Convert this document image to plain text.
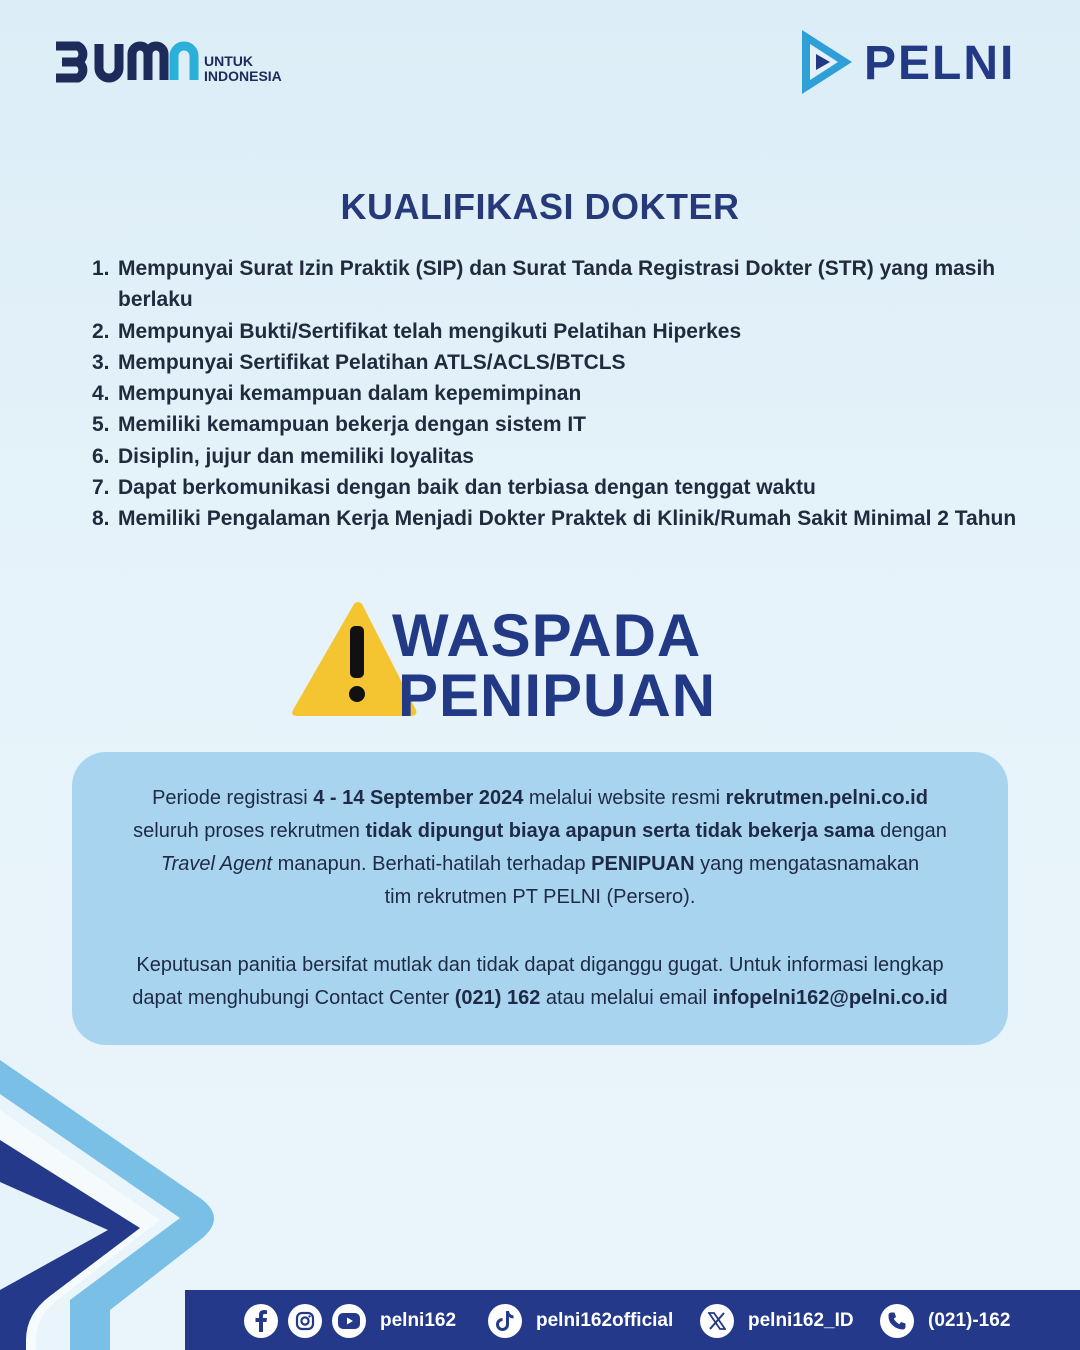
UNTUK
INDONESIA	PELNI
KUALIFIKASI DOKTER
1. Mempunyai Surat Izin Praktik (SIP) dan Surat Tanda Registrasi Dokter (STR) yang masih berlaku
2. Mempunyai Bukti/Sertifikat telah mengikuti Pelatihan Hiperkes
3. Mempunyai Sertifikat Pelatihan ATLS/ACLS/BTCLS
4. Mempunyai kemampuan dalam kepemimpinan
5. Memiliki kemampuan bekerja dengan sistem IT
6. Disiplin, jujur dan memiliki loyalitas
7. Dapat berkomunikasi dengan baik dan terbiasa dengan tenggat waktu
8. Memiliki Pengalaman Kerja Menjadi Dokter Praktek di Klinik/Rumah Sakit Minimal 2 Tahun
WASPADA
PENIPUAN
Periode registrasi 4 - 14 September 2024 melalui website resmi rekrutmen.pelni.co.id
seluruh proses rekrutmen tidak dipungut biaya apapun serta tidak bekerja sama dengan
Travel Agent manapun. Berhati-hatilah terhadap PENIPUAN yang mengatasnamakan
tim rekrutmen PT PELNI (Persero).
Keputusan panitia bersifat mutlak dan tidak dapat diganggu gugat. Untuk informasi lengkap
dapat menghubungi Contact Center (021) 162 atau melalui email infopelni162@pelni.co.id
pelni162	pelni162official	pelni162_ID	(021)-162
